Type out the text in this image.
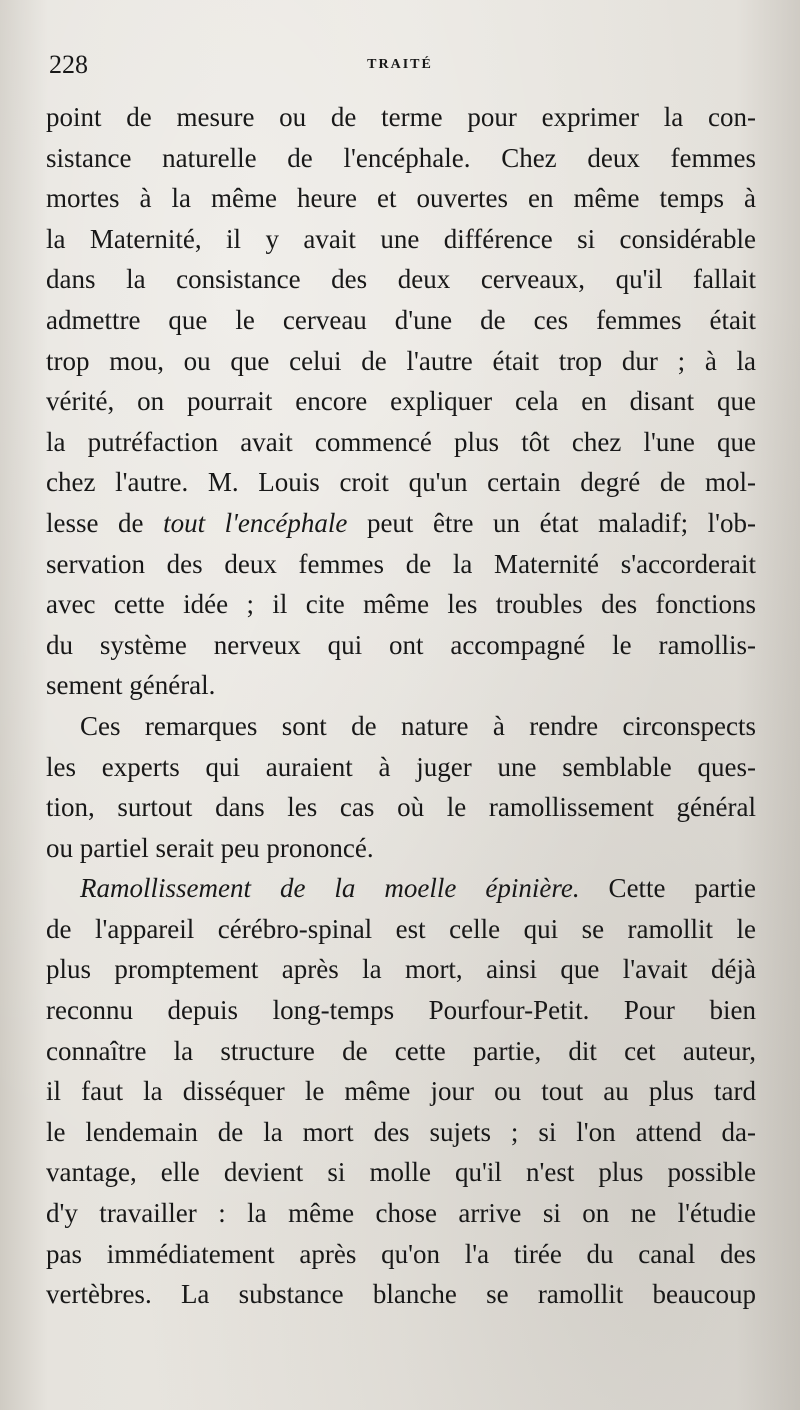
228	TRAITÉ
point de mesure ou de terme pour exprimer la con-
sistance naturelle de l'encéphale. Chez deux femmes
mortes à la même heure et ouvertes en même temps à
la Maternité, il y avait une différence si considérable
dans la consistance des deux cerveaux, qu'il fallait
admettre que le cerveau d'une de ces femmes était
trop mou, ou que celui de l'autre était trop dur ; à la
vérité, on pourrait encore expliquer cela en disant que
la putréfaction avait commencé plus tôt chez l'une que
chez l'autre. M. Louis croit qu'un certain degré de mol-
lesse de tout l'encéphale peut être un état maladif; l'ob-
servation des deux femmes de la Maternité s'accorderait
avec cette idée ; il cite même les troubles des fonctions
du système nerveux qui ont accompagné le ramollis-
sement général.
Ces remarques sont de nature à rendre circonspects
les experts qui auraient à juger une semblable ques-
tion, surtout dans les cas où le ramollissement général
ou partiel serait peu prononcé.
Ramollissement de la moelle épinière. Cette partie
de l'appareil cérébro-spinal est celle qui se ramollit le
plus promptement après la mort, ainsi que l'avait déjà
reconnu depuis long-temps Pourfour-Petit. Pour bien
connaître la structure de cette partie, dit cet auteur,
il faut la disséquer le même jour ou tout au plus tard
le lendemain de la mort des sujets ; si l'on attend da-
vantage, elle devient si molle qu'il n'est plus possible
d'y travailler : la même chose arrive si on ne l'étudie
pas immédiatement après qu'on l'a tirée du canal des
vertèbres. La substance blanche se ramollit beaucoup
